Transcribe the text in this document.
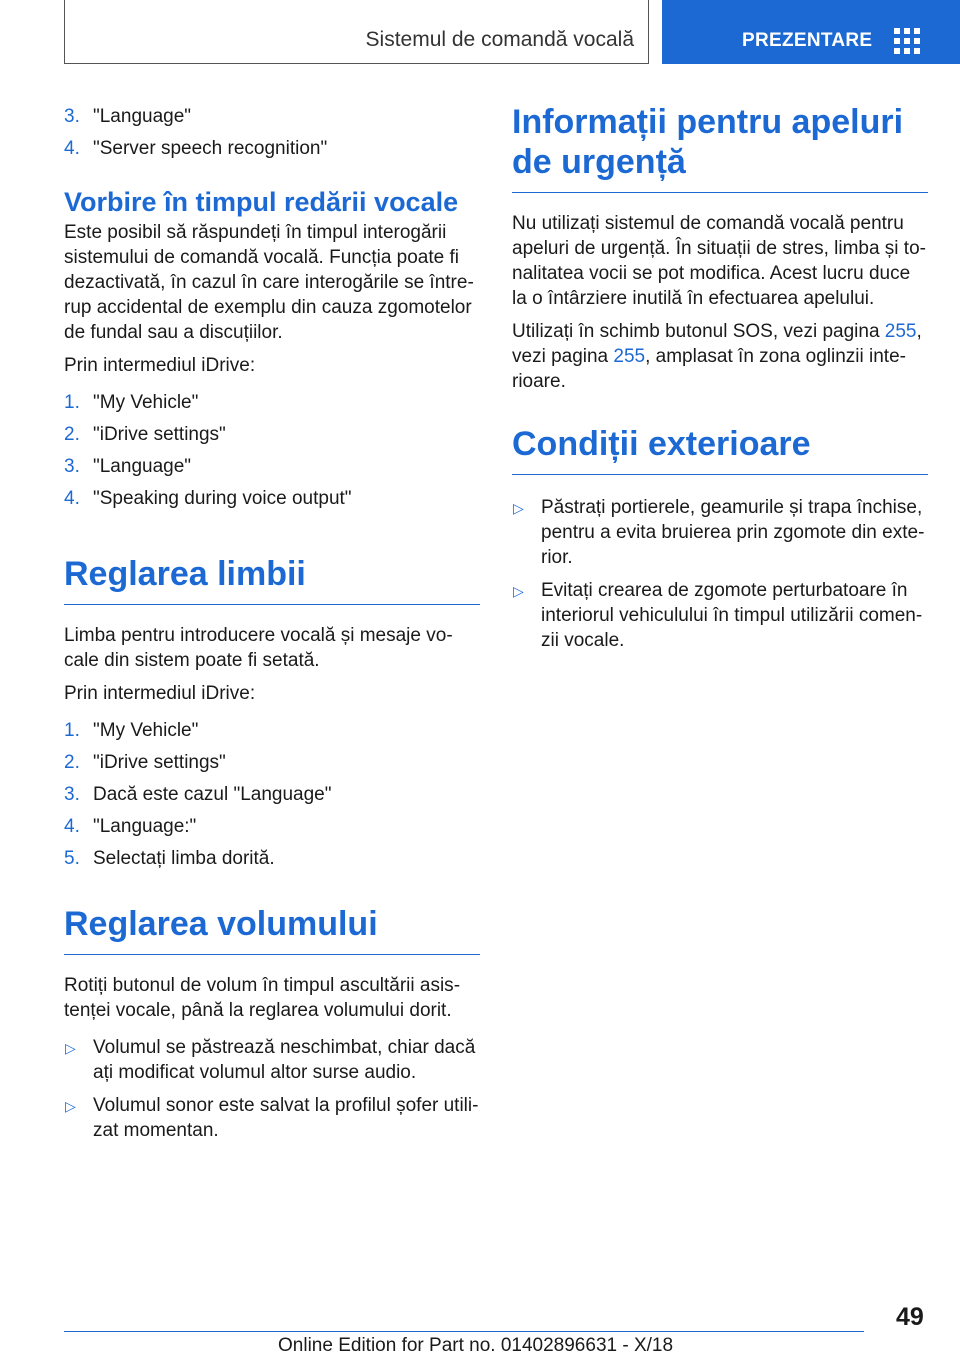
Sistemul de comandă vocală	PREZENTARE
3. "Language"
4. "Server speech recognition"
Vorbire în timpul redării vocale

Este posibil să răspundeți în timpul interogării sistemului de comandă vocală. Funcția poate fi dezactivată, în cazul în care interogările se întrerup accidental de exemplu din cauza zgomotelor de fundal sau a discuțiilor.

Prin intermediul iDrive:

1. "My Vehicle"
2. "iDrive settings"
3. "Language"
4. "Speaking during voice output"
Reglarea limbii

Limba pentru introducere vocală și mesaje vocale din sistem poate fi setată.

Prin intermediul iDrive:

1. "My Vehicle"
2. "iDrive settings"
3. Dacă este cazul "Language"
4. "Language:"
5. Selectați limba dorită.
Reglarea volumului

Rotiți butonul de volum în timpul ascultării asistenței vocale, până la reglarea volumului dorit.

▷ Volumul se păstrează neschimbat, chiar dacă ați modificat volumul altor surse audio.
▷ Volumul sonor este salvat la profilul șofer utilizat momentan.
Informații pentru apeluri de urgență

Nu utilizați sistemul de comandă vocală pentru apeluri de urgență. În situații de stres, limba și tonalitatea vocii se pot modifica. Acest lucru duce la o întârziere inutilă în efectuarea apelului.

Utilizați în schimb butonul SOS, vezi pagina 255, vezi pagina 255, amplasat în zona oglinzii interioare.

Condiții exterioare
▷ Păstrați portierele, geamurile și trapa închise, pentru a evita bruierea prin zgomote din exterior.
▷ Evitați crearea de zgomote perturbatoare în interiorul vehiculului în timpul utilizării comenzii vocale.
49
Online Edition for Part no. 01402896631 - X/18
